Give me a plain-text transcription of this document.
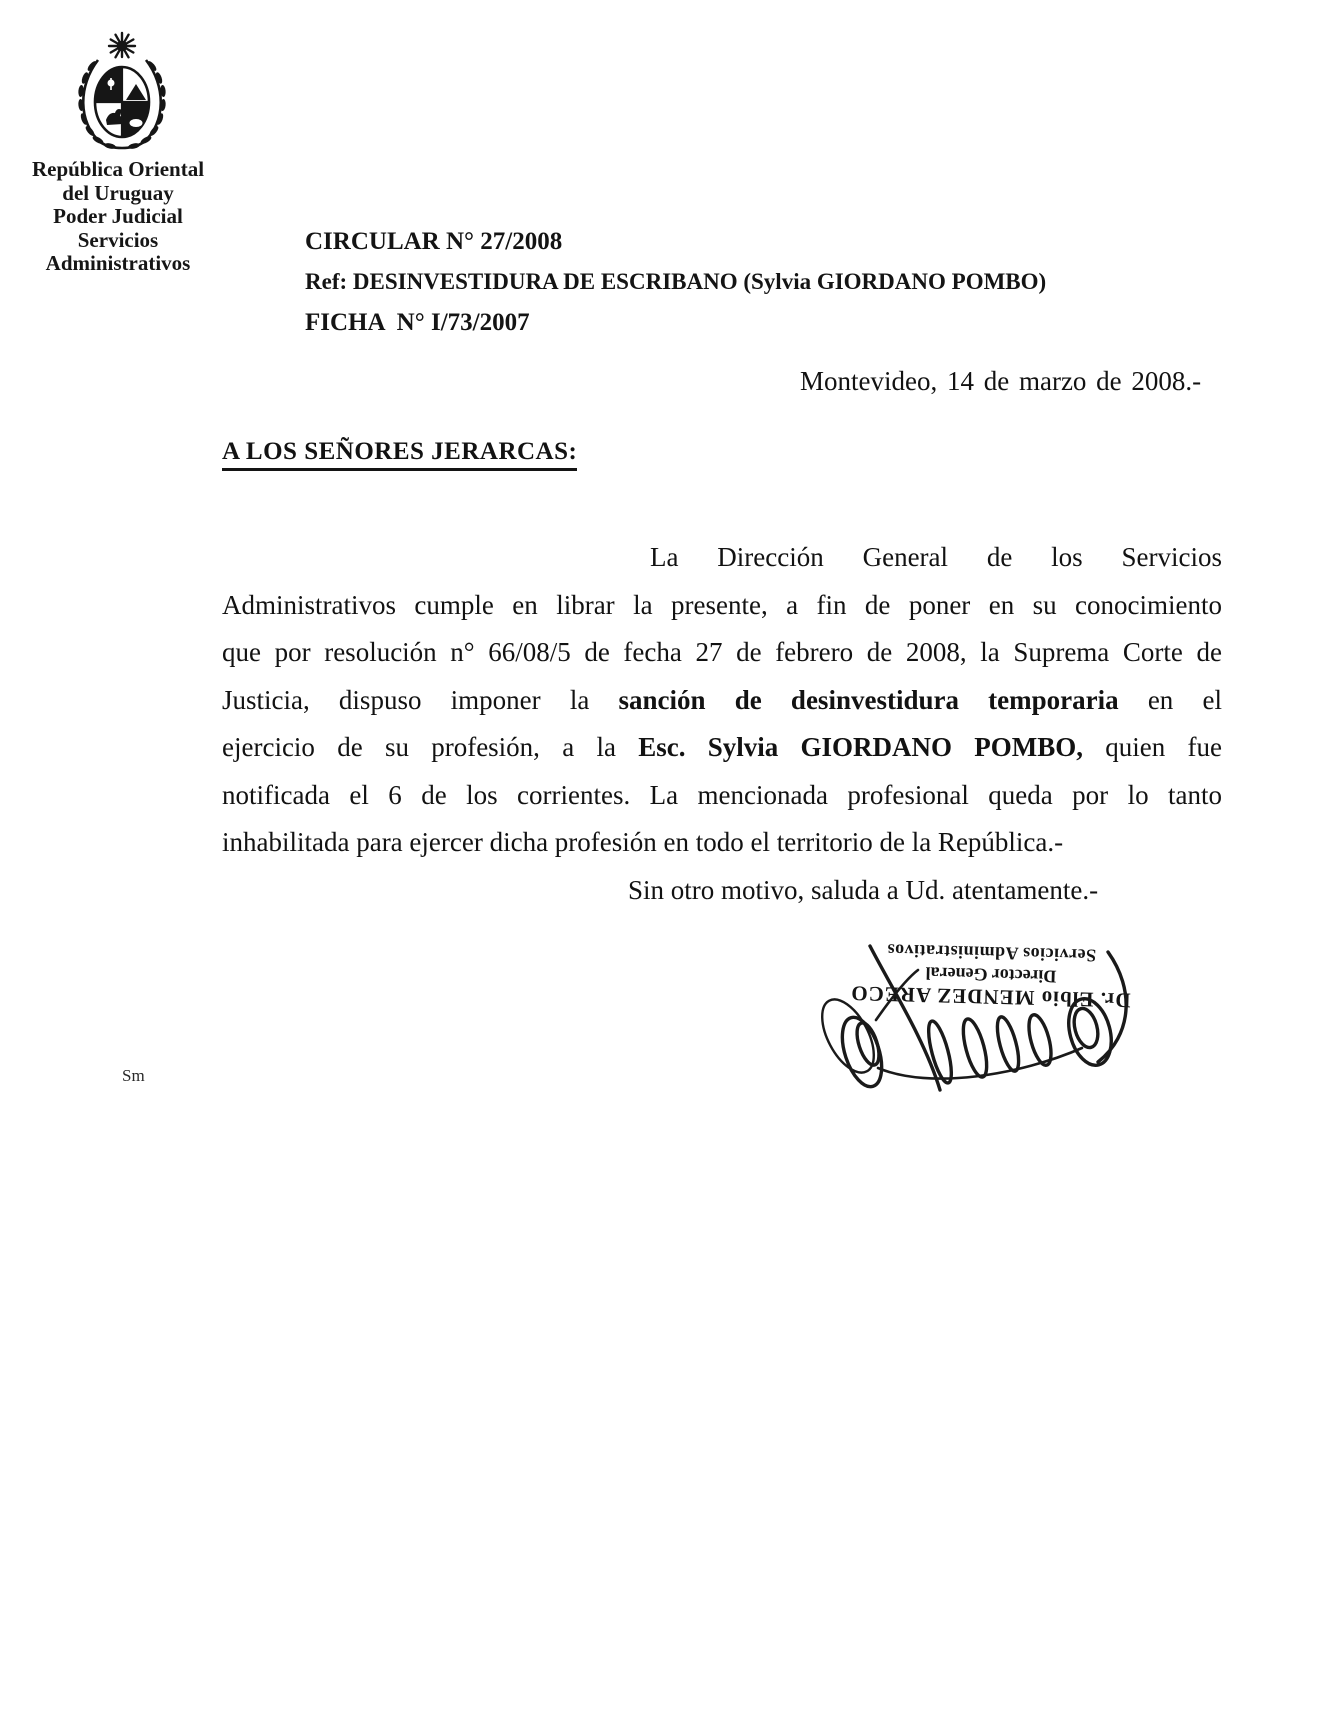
República Oriental
del Uruguay
Poder Judicial
Servicios
Administrativos
CIRCULAR N° 27/2008
Ref: DESINVESTIDURA DE ESCRIBANO (Sylvia GIORDANO POMBO)
FICHA  N° I/73/2007
Montevideo, 14 de marzo de 2008.-
A LOS SEÑORES JERARCAS:
La Dirección General de los Servicios
Administrativos cumple en librar la presente, a fin de poner en su conocimiento
que por resolución n° 66/08/5 de fecha 27 de febrero de 2008, la Suprema Corte de
Justicia, dispuso imponer la sanción de desinvestidura temporaria en el
ejercicio de su profesión, a la Esc. Sylvia GIORDANO POMBO, quien fue
notificada el 6 de los corrientes. La mencionada profesional queda por lo tanto
inhabilitada para ejercer dicha profesión en todo el territorio de la República.-
Sin otro motivo, saluda a Ud. atentamente.-
Dr. Elbio MENDEZ ARECO
Director General
Servicios Administrativos
Sm
